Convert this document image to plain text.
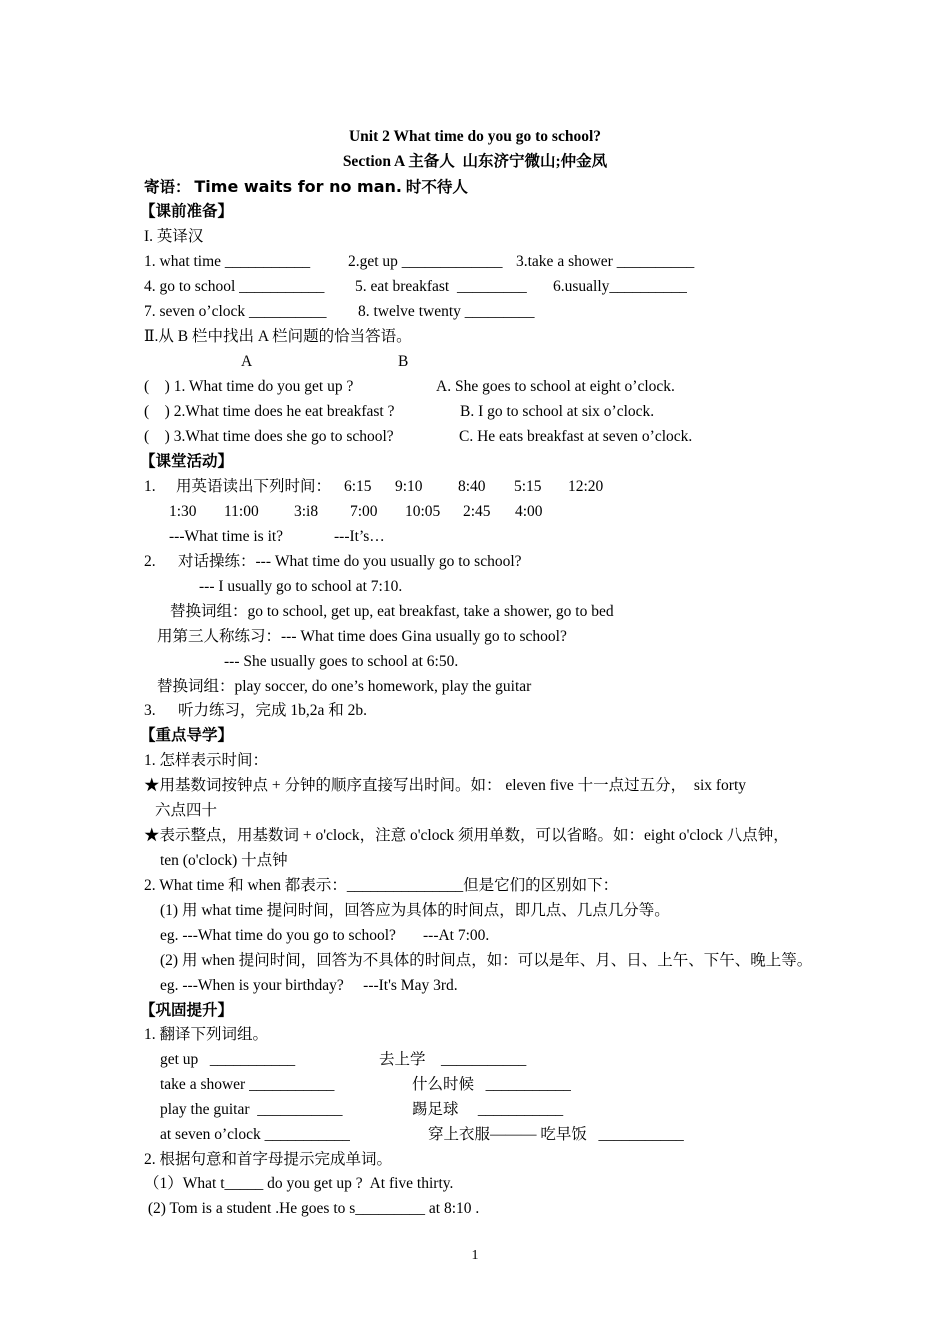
Unit 2 What time do you go to school?
Section A 主备人  山东济宁微山;仲金凤
寄语： Time waits for no man. 时不待人
【课前准备】
I. 英译汉
1. what time ___________ 2.get up _____________ 3.take a shower __________
4. go to school ___________ 5. eat breakfast  _________ 6.usually__________
7. seven o’clock __________ 8. twelve twenty _________
Ⅱ.从 B 栏中找出 A 栏问题的恰当答语。
A	B
(    ) 1. What time do you get up ?	A. She goes to school at eight o’clock.
(    ) 2.What time does he eat breakfast ?	B. I go to school at six o’clock.
(    ) 3.What time does she go to school?	C. He eats breakfast at seven o’clock.
【课堂活动】
1. 用英语读出下列时间： 6:15 9:10 8:40 5:15 12:20
1:30 11:00 3:i8 7:00 10:05 2:45 4:00
---What time is it?	---It’s…
2. 对话操练：--- What time do you usually go to school?
--- I usually go to school at 7:10.
替换词组：go to school, get up, eat breakfast, take a shower, go to bed
用第三人称练习：--- What time does Gina usually go to school?
--- She usually goes to school at 6:50.
替换词组：play soccer, do one’s homework, play the guitar
3. 听力练习，完成 1b,2a 和 2b.
【重点导学】
1. 怎样表示时间：
★用基数词按钟点 + 分钟的顺序直接写出时间。如： eleven five 十一点过五分，  six forty
六点四十
★表示整点，用基数词 + o'clock，注意 o'clock 须用单数，可以省略。如：eight o'clock 八点钟，
ten (o'clock) 十点钟
2. What time 和 when 都表示：_______________但是它们的区别如下：
(1) 用 what time 提问时间，回答应为具体的时间点，即几点、几点几分等。
eg. ---What time do you go to school?       ---At 7:00.
(2) 用 when 提问时间，回答为不具体的时间点，如：可以是年、月、日、上午、下午、晚上等。
eg. ---When is your birthday?     ---It's May 3rd.
【巩固提升】
1. 翻译下列词组。
get up   ___________	去上学    ___________
take a shower ___________	什么时候   ___________
play the guitar  ___________	踢足球     ___________
at seven o’clock ___________	穿上衣服——— 吃早饭   ___________
2. 根据句意和首字母提示完成单词。
（1）What t_____ do you get up ?  At five thirty.
(2) Tom is a student .He goes to s_________ at 8:10 .
1
